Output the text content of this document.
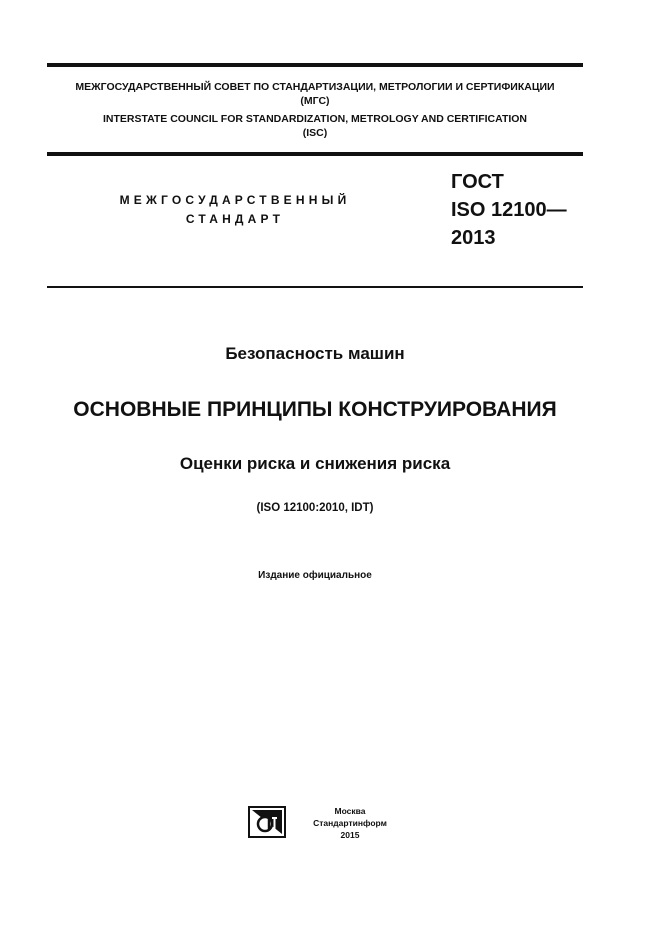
МЕЖГОСУДАРСТВЕННЫЙ СОВЕТ ПО СТАНДАРТИЗАЦИИ, МЕТРОЛОГИИ И СЕРТИФИКАЦИИ
(МГС)
INTERSTATE COUNCIL FOR STANDARDIZATION, METROLOGY AND CERTIFICATION
(ISC)
МЕЖГОСУДАРСТВЕННЫЙ
СТАНДАРТ
ГОСТ
ISO 12100—
2013
Безопасность машин
ОСНОВНЫЕ ПРИНЦИПЫ КОНСТРУИРОВАНИЯ
Оценки риска и снижения риска
(ISO 12100:2010, IDT)
Издание официальное
Москва
Стандартинформ
2015
